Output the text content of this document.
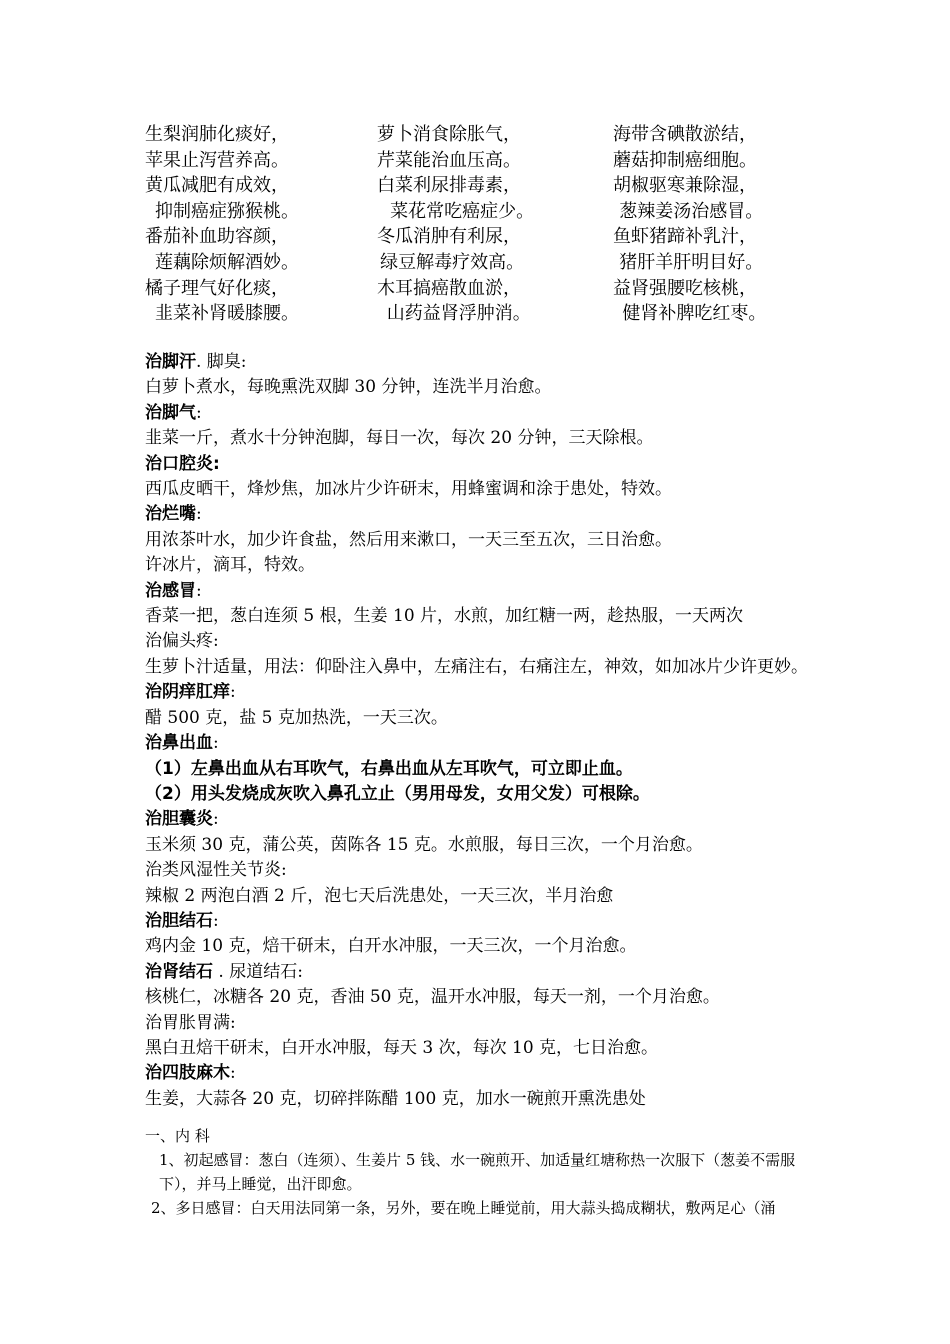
生梨润肺化痰好，	萝卜消食除胀气，	海带含碘散淤结，
苹果止泻营养高。	芹菜能治血压高。	蘑菇抑制癌细胞。
黄瓜减肥有成效，	白菜利尿排毒素，	胡椒驱寒兼除湿，
抑制癌症猕猴桃。	菜花常吃癌症少。	葱辣姜汤治感冒。
番茄补血助容颜，	冬瓜消肿有利尿，	鱼虾猪蹄补乳汁，
莲藕除烦解酒妙。	绿豆解毒疗效高。	猪肝羊肝明目好。
橘子理气好化痰，	木耳搞癌散血淤，	益肾强腰吃核桃，
韭菜补肾暖膝腰。	山药益肾浮肿消。	健肾补脾吃红枣。
治脚汗. 脚臭:
白萝卜煮水，每晚熏洗双脚 30 分钟，连洗半月治愈。
治脚气:
韭菜一斤，煮水十分钟泡脚，每日一次，每次 20 分钟，三天除根。
治口腔炎:
西瓜皮晒干，烽炒焦，加冰片少许研末，用蜂蜜调和涂于患处，特效。
治烂嘴:
用浓茶叶水，加少许食盐，然后用来漱口，一天三至五次，三日治愈。
许冰片，滴耳，特效。
治感冒:
香菜一把，葱白连须 5 根，生姜 10 片，水煎，加红糖一两，趁热服，一天两次
治偏头疼:
生萝卜汁适量，用法：仰卧注入鼻中，左痛注右，右痛注左，神效，如加冰片少许更妙。
治阴痒肛痒:
醋 500 克，盐 5 克加热洗，一天三次。
治鼻出血:
（1）左鼻出血从右耳吹气，右鼻出血从左耳吹气，可立即止血。
（2）用头发烧成灰吹入鼻孔立止（男用母发，女用父发）可根除。
治胆囊炎:
玉米须 30 克，蒲公英，茵陈各 15 克。水煎服，每日三次，一个月治愈。
治类风湿性关节炎:
辣椒 2 两泡白酒 2 斤，泡七天后洗患处，一天三次，半月治愈
治胆结石:
鸡内金 10 克，焙干研末，白开水冲服，一天三次，一个月治愈。
治肾结石 . 尿道结石:
核桃仁，冰糖各 20 克，香油 50 克，温开水冲服，每天一剂，一个月治愈。
治胃胀胃满:
黑白丑焙干研末，白开水冲服，每天 3 次，每次 10 克，七日治愈。
治四肢麻木:
生姜，大蒜各 20 克，切碎拌陈醋 100 克，加水一碗煎开熏洗患处
一、内 科
1、初起感冒：葱白（连须）、生姜片 5 钱、水一碗煎开、加适量红塘称热一次服下（葱姜不需服下），并马上睡觉，出汗即愈。
2、多日感冒：白天用法同第一条，另外，要在晚上睡觉前，用大蒜头捣成糊状，敷两足心（涌
